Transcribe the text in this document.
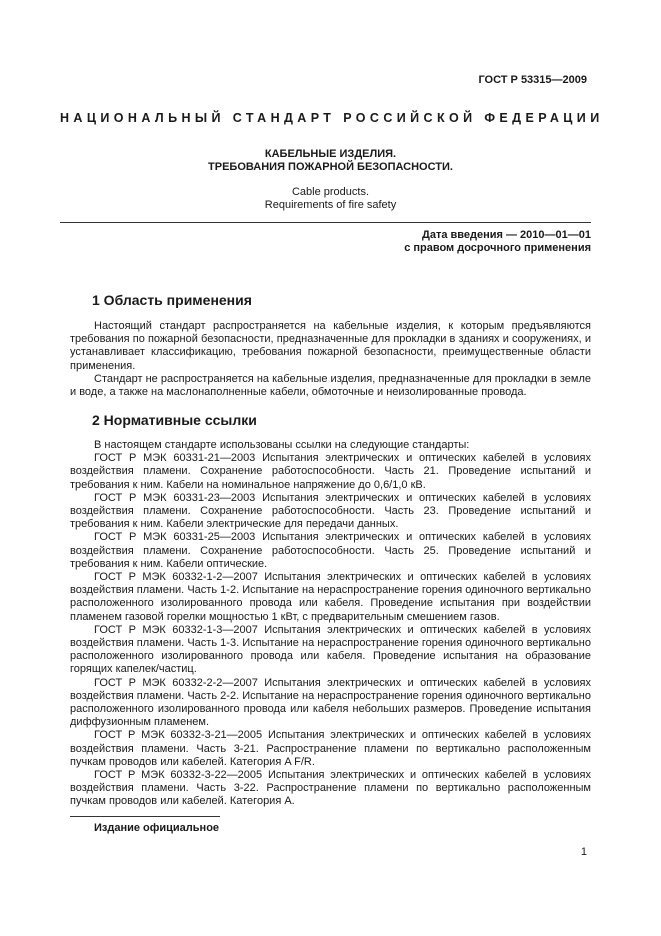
ГОСТ Р 53315—2009
НАЦИОНАЛЬНЫЙ СТАНДАРТ РОССИЙСКОЙ ФЕДЕРАЦИИ
КАБЕЛЬНЫЕ ИЗДЕЛИЯ.
ТРЕБОВАНИЯ ПОЖАРНОЙ БЕЗОПАСНОСТИ.
Cable products.
Requirements of fire safety
Дата введения — 2010—01—01
с правом досрочного применения
1 Область применения

Настоящий стандарт распространяется на кабельные изделия, к которым предъявляются требования по пожарной безопасности, предназначенные для прокладки в зданиях и сооружениях, и устанавливает классификацию, требования пожарной безопасности, преимущественные области применения.

Стандарт не распространяется на кабельные изделия, предназначенные для прокладки в земле и воде, а также на маслонаполненные кабели, обмоточные и неизолированные провода.

2 Нормативные ссылки

В настоящем стандарте использованы ссылки на следующие стандарты:

ГОСТ Р МЭК 60331-21—2003 Испытания электрических и оптических кабелей в условиях воздействия пламени. Сохранение работоспособности. Часть 21. Проведение испытаний и требования к ним. Кабели на номинальное напряжение до 0,6/1,0 кВ.

ГОСТ Р МЭК 60331-23—2003 Испытания электрических и оптических кабелей в условиях воздействия пламени. Сохранение работоспособности. Часть 23. Проведение испытаний и требования к ним. Кабели электрические для передачи данных.

ГОСТ Р МЭК 60331-25—2003 Испытания электрических и оптических кабелей в условиях воздействия пламени. Сохранение работоспособности. Часть 25. Проведение испытаний и требования к ним. Кабели оптические.

ГОСТ Р МЭК 60332-1-2—2007 Испытания электрических и оптических кабелей в условиях воздействия пламени. Часть 1-2. Испытание на нераспространение горения одиночного вертикально расположенного изолированного провода или кабеля. Проведение испытания при воздействии пламенем газовой горелки мощностью 1 кВт, с предварительным смешением газов.

ГОСТ Р МЭК 60332-1-3—2007 Испытания электрических и оптических кабелей в условиях воздействия пламени. Часть 1-3. Испытание на нераспространение горения одиночного вертикально расположенного изолированного провода или кабеля. Проведение испытания на образование горящих капелек/частиц.

ГОСТ Р МЭК 60332-2-2—2007 Испытания электрических и оптических кабелей в условиях воздействия пламени. Часть 2-2. Испытание на нераспространение горения одиночного вертикально расположенного изолированного провода или кабеля небольших размеров. Проведение испытания диффузионным пламенем.

ГОСТ Р МЭК 60332-3-21—2005 Испытания электрических и оптических кабелей в условиях воздействия пламени. Часть 3-21. Распространение пламени по вертикально расположенным пучкам проводов или кабелей. Категория A F/R.

ГОСТ Р МЭК 60332-3-22—2005 Испытания электрических и оптических кабелей в условиях воздействия пламени. Часть 3-22. Распространение пламени по вертикально расположенным пучкам проводов или кабелей. Категория А.

Издание официальное
1
